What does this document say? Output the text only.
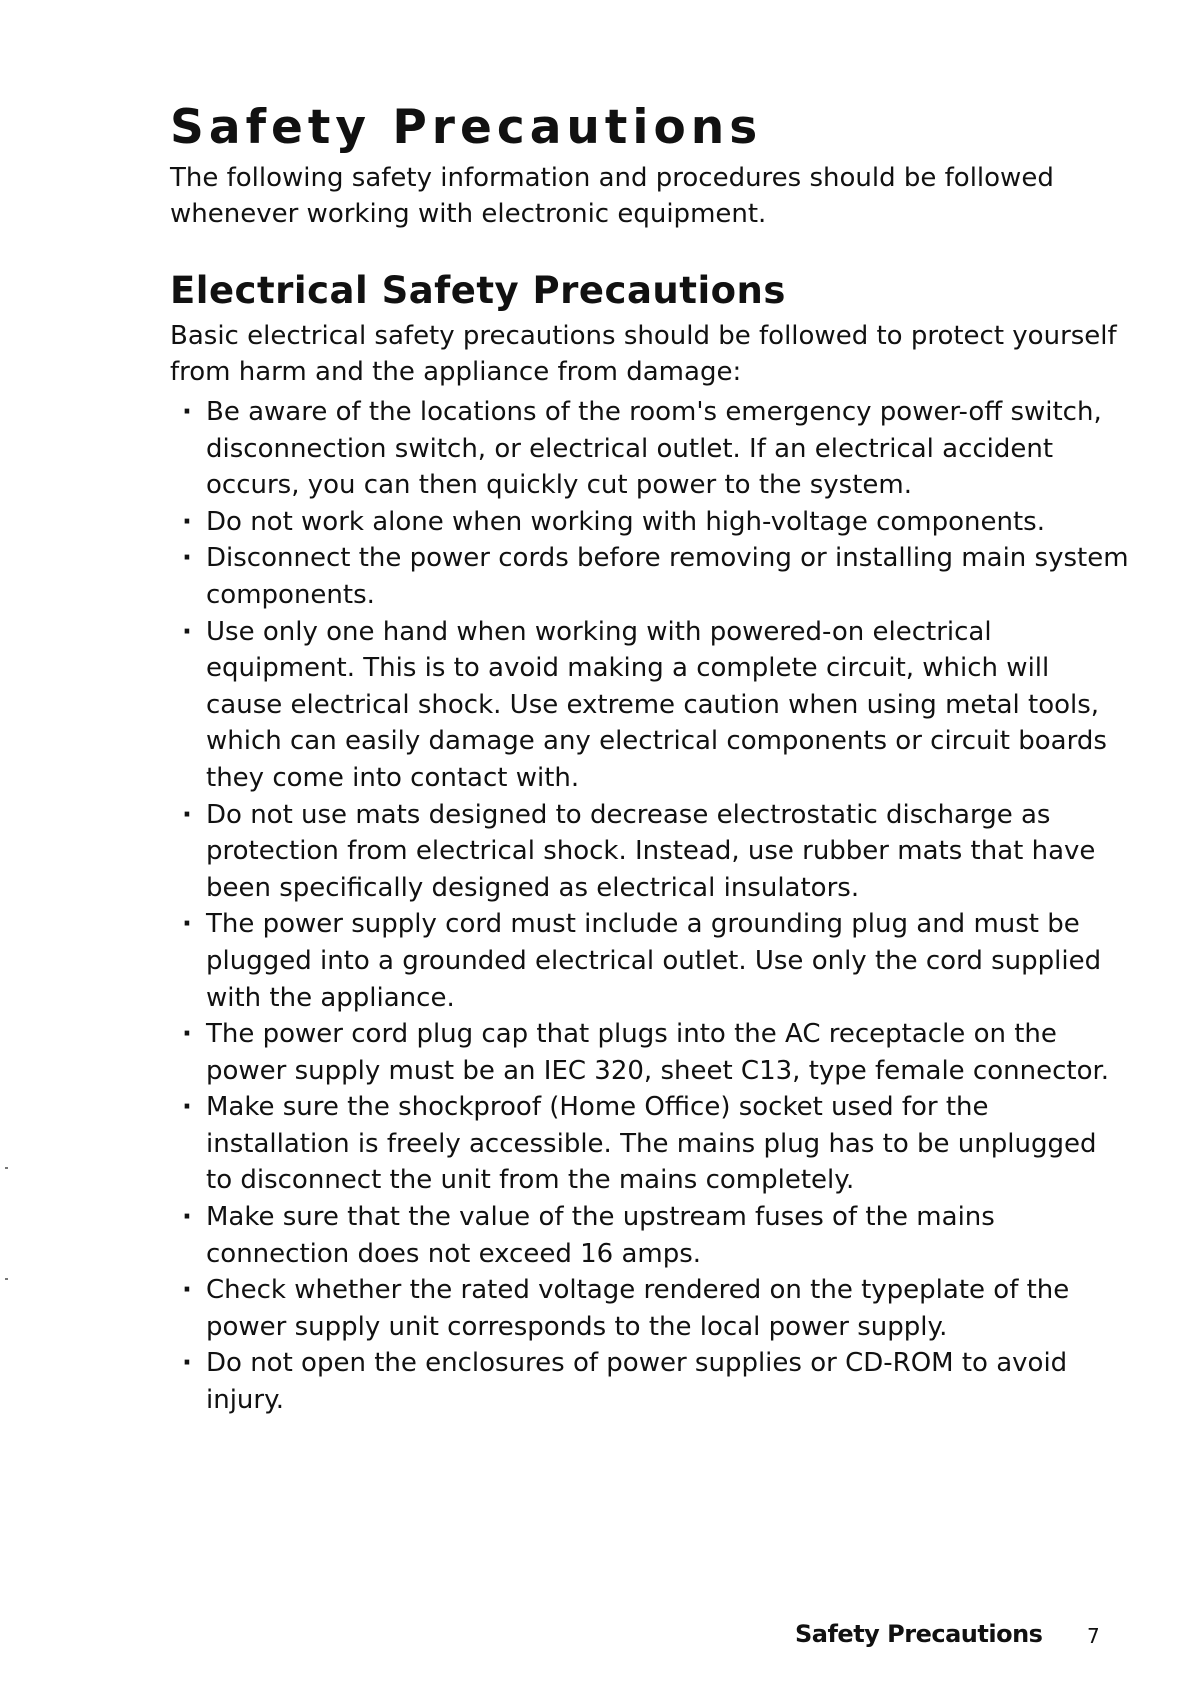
Safety Precautions

The following safety information and procedures should be followed whenever working with electronic equipment.

Electrical Safety Precautions

Basic electrical safety precautions should be followed to protect yourself from harm and the appliance from damage:

· Be aware of the locations of the room's emergency power-off switch, disconnection switch, or electrical outlet. If an electrical accident occurs, you can then quickly cut power to the system.
· Do not work alone when working with high-voltage components.
· Disconnect the power cords before removing or installing main system components.
· Use only one hand when working with powered-on electrical equipment. This is to avoid making a complete circuit, which will cause electrical shock. Use extreme caution when using metal tools, which can easily damage any electrical components or circuit boards they come into contact with.
· Do not use mats designed to decrease electrostatic discharge as protection from electrical shock. Instead, use rubber mats that have been specifically designed as electrical insulators.
· The power supply cord must include a grounding plug and must be plugged into a grounded electrical outlet. Use only the cord supplied with the appliance.
· The power cord plug cap that plugs into the AC receptacle on the power supply must be an IEC 320, sheet C13, type female connector.
· Make sure the shockproof (Home Office) socket used for the installation is freely accessible. The mains plug has to be unplugged to disconnect the unit from the mains completely.
· Make sure that the value of the upstream fuses of the mains connection does not exceed 16 amps.
· Check whether the rated voltage rendered on the typeplate of the power supply unit corresponds to the local power supply.
· Do not open the enclosures of power supplies or CD-ROM to avoid injury.
Safety Precautions 7
